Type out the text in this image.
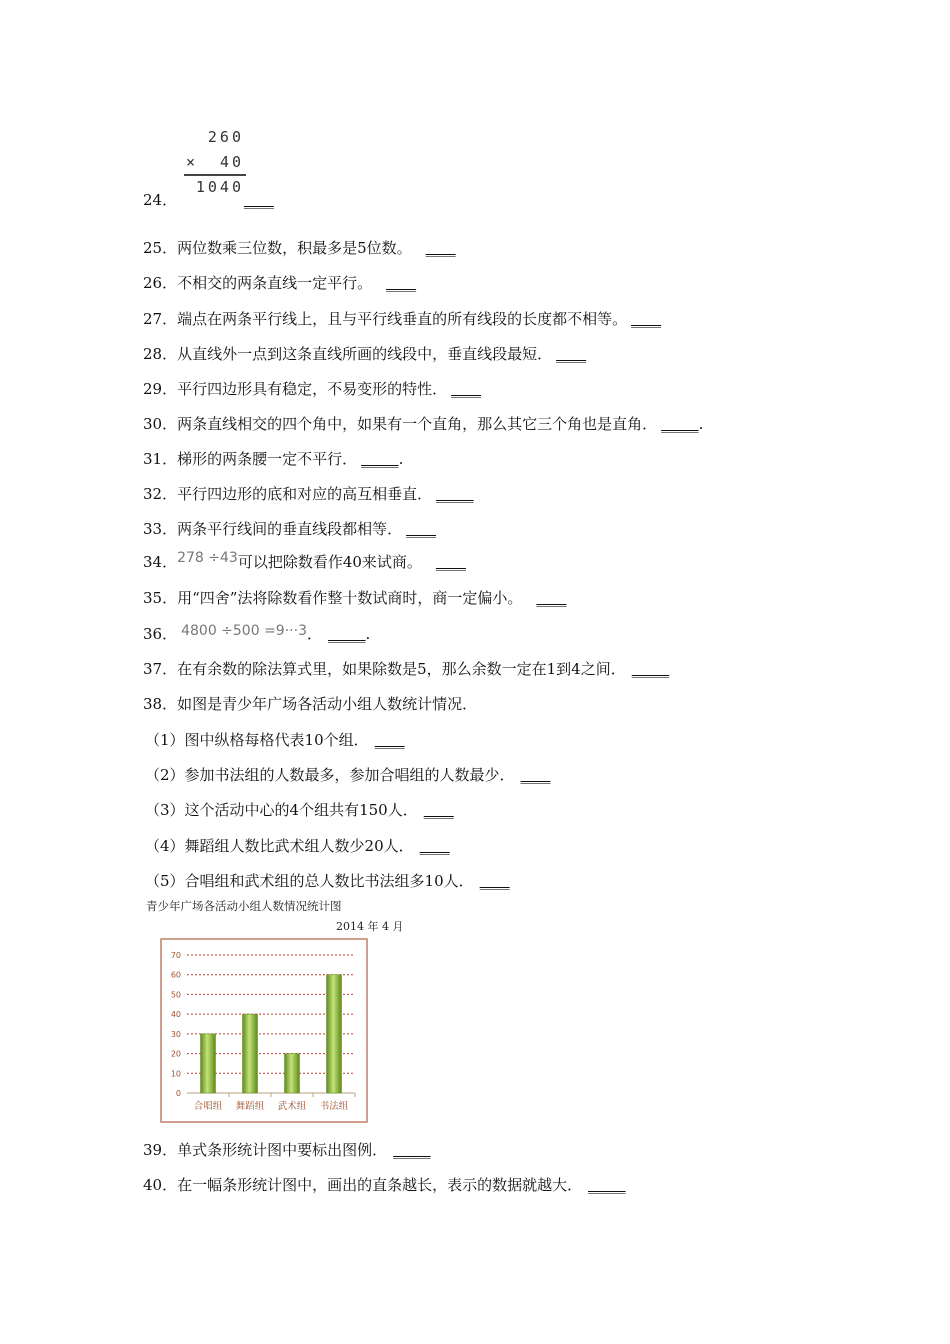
260
× 40
1040
24．	____
25．两位数乘三位数，积最多是5位数。 ____
26．不相交的两条直线一定平行。 ____
27．端点在两条平行线上，且与平行线垂直的所有线段的长度都不相等。 ____
28．从直线外一点到这条直线所画的线段中，垂直线段最短． ____
29．平行四边形具有稳定，不易变形的特性． ____
30．两条直线相交的四个角中，如果有一个直角，那么其它三个角也是直角． _____.
31．梯形的两条腰一定不平行． _____.
32．平行四边形的底和对应的高互相垂直． _____
33．两条平行线间的垂直线段都相等． ____
34．278 ÷43可以把除数看作40来试商。 ____
35．用“四舍”法将除数看作整十数试商时，商一定偏小。 ____
36． 4800 ÷500 =9···3． _____.
37．在有余数的除法算式里，如果除数是5，那么余数一定在1到4之间． _____
38．如图是青少年广场各活动小组人数统计情况．
（1）图中纵格每格代表10个组． ____
（2）参加书法组的人数最多，参加合唱组的人数最少． ____
（3）这个活动中心的4个组共有150人． ____
（4）舞蹈组人数比武术组人数少20人． ____
（5）合唱组和武术组的总人数比书法组多10人． ____
青少年广场各活动小组人数情况统计图
2014 年 4 月
0
10
20
30
40
50
60
70
合唱组 舞蹈组 武术组 书法组
39．单式条形统计图中要标出图例． _____
40．在一幅条形统计图中，画出的直条越长，表示的数据就越大． _____
